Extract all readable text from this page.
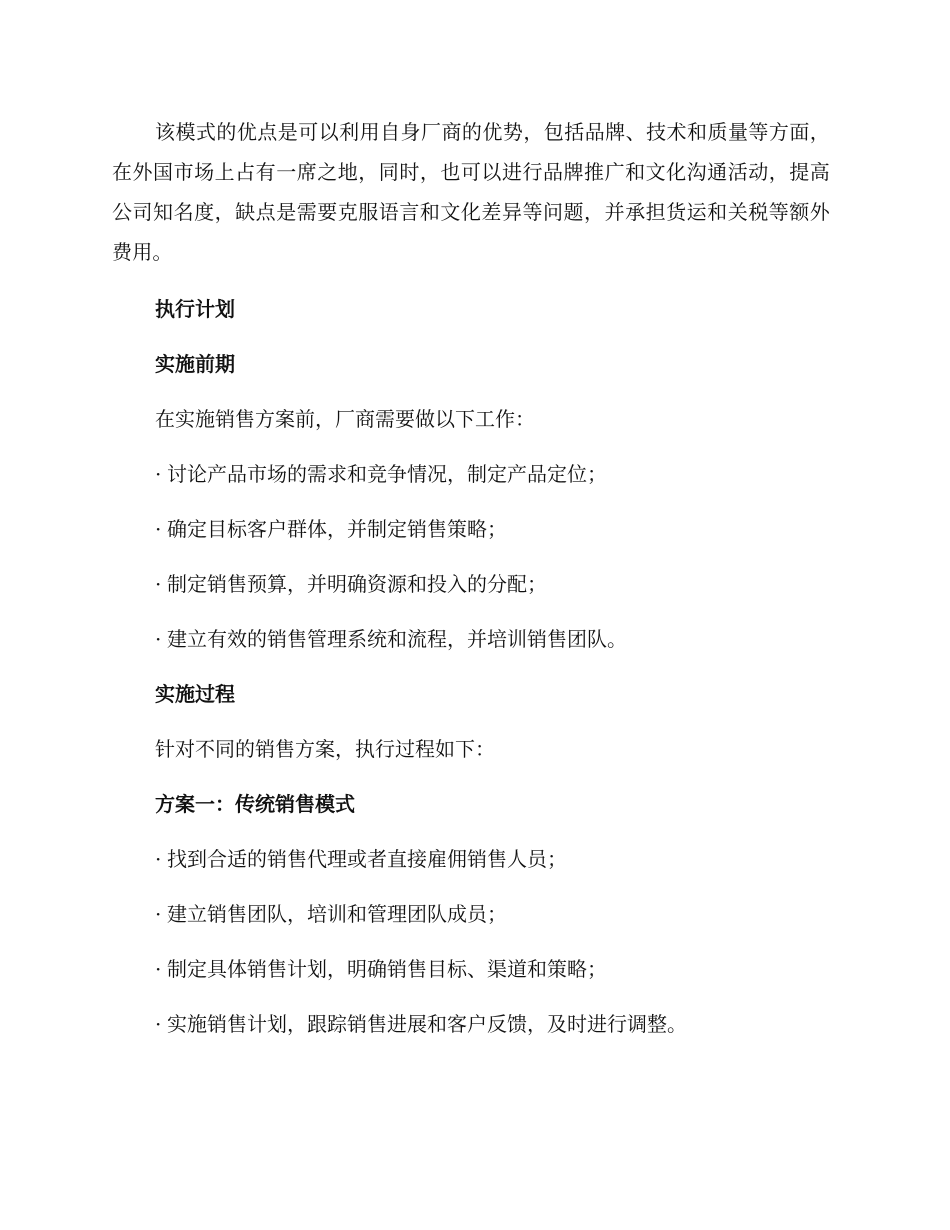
该模式的优点是可以利用自身厂商的优势，包括品牌、技术和质量等方面，在外国市场上占有一席之地，同时，也可以进行品牌推广和文化沟通活动，提高公司知名度，缺点是需要克服语言和文化差异等问题，并承担货运和关税等额外费用。
执行计划
实施前期
在实施销售方案前，厂商需要做以下工作：
· 讨论产品市场的需求和竞争情况，制定产品定位；
· 确定目标客户群体，并制定销售策略；
· 制定销售预算，并明确资源和投入的分配；
· 建立有效的销售管理系统和流程，并培训销售团队。
实施过程
针对不同的销售方案，执行过程如下：
方案一：传统销售模式
· 找到合适的销售代理或者直接雇佣销售人员；
· 建立销售团队，培训和管理团队成员；
· 制定具体销售计划，明确销售目标、渠道和策略；
· 实施销售计划，跟踪销售进展和客户反馈，及时进行调整。
